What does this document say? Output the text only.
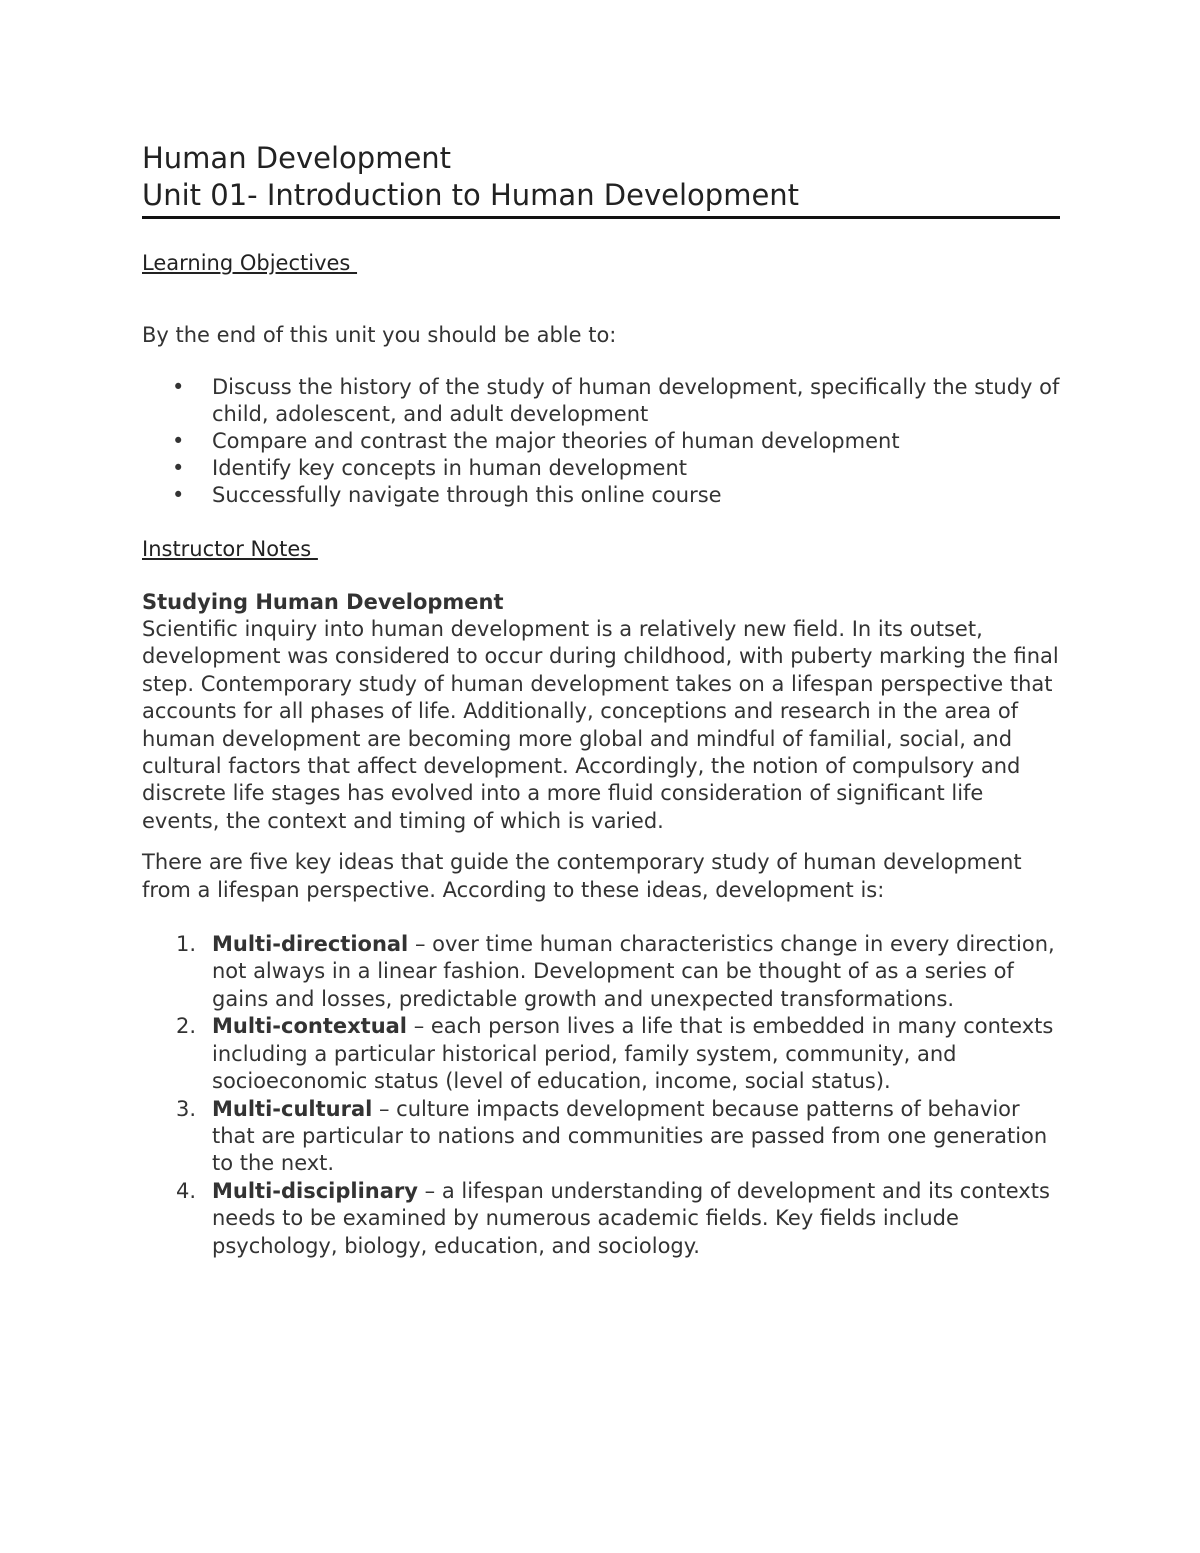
Human Development
Unit 01- Introduction to Human Development
Learning Objectives
By the end of this unit you should be able to:
• Discuss the history of the study of human development, specifically the study of child, adolescent, and adult development
• Compare and contrast the major theories of human development
• Identify key concepts in human development
• Successfully navigate through this online course
Instructor Notes
Studying Human Development

Scientific inquiry into human development is a relatively new field. In its outset, development was considered to occur during childhood, with puberty marking the final step. Contemporary study of human development takes on a lifespan perspective that accounts for all phases of life. Additionally, conceptions and research in the area of human development are becoming more global and mindful of familial, social, and cultural factors that affect development. Accordingly, the notion of compulsory and discrete life stages has evolved into a more fluid consideration of significant life events, the context and timing of which is varied.

There are five key ideas that guide the contemporary study of human development from a lifespan perspective. According to these ideas, development is:

1. Multi-directional – over time human characteristics change in every direction, not always in a linear fashion. Development can be thought of as a series of gains and losses, predictable growth and unexpected transformations.
2. Multi-contextual – each person lives a life that is embedded in many contexts including a particular historical period, family system, community, and socioeconomic status (level of education, income, social status).
3. Multi-cultural – culture impacts development because patterns of behavior that are particular to nations and communities are passed from one generation to the next.
4. Multi-disciplinary – a lifespan understanding of development and its contexts needs to be examined by numerous academic fields. Key fields include psychology, biology, education, and sociology.
